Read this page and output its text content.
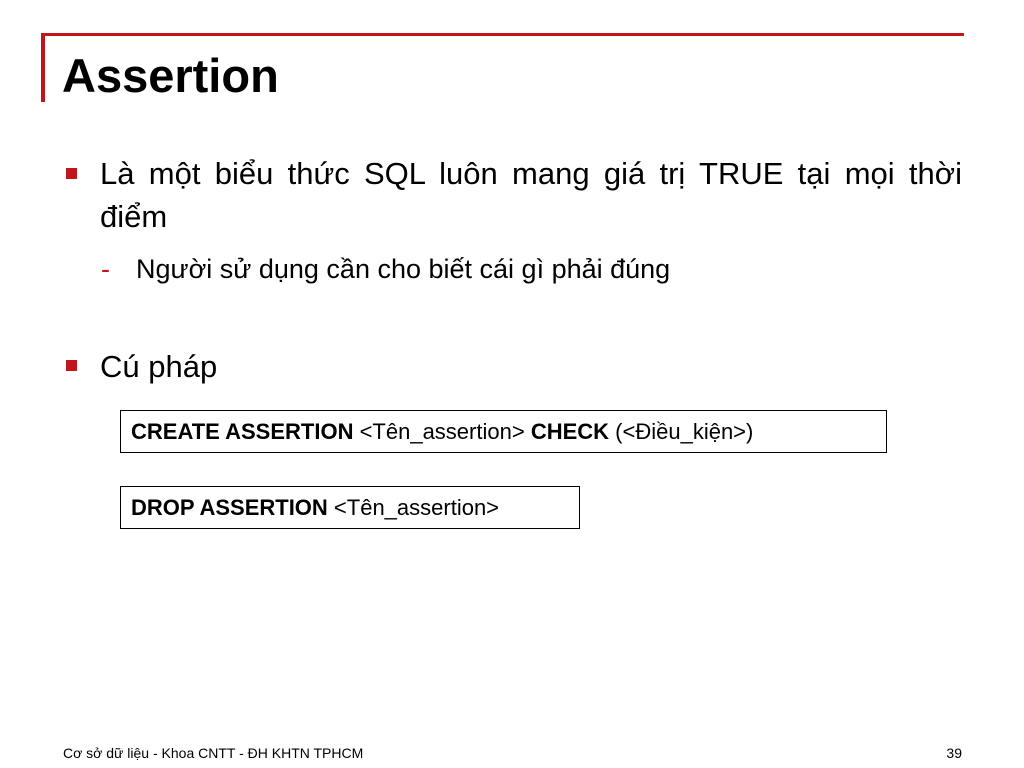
Assertion
Là một biểu thức SQL luôn mang giá trị TRUE tại mọi thời điểm
- Người sử dụng cần cho biết cái gì phải đúng
Cú pháp
CREATE ASSERTION <Tên_assertion> CHECK (<Điều_kiện>)
DROP ASSERTION <Tên_assertion>
Cơ sở dữ liệu - Khoa CNTT - ĐH KHTN TPHCM	39
